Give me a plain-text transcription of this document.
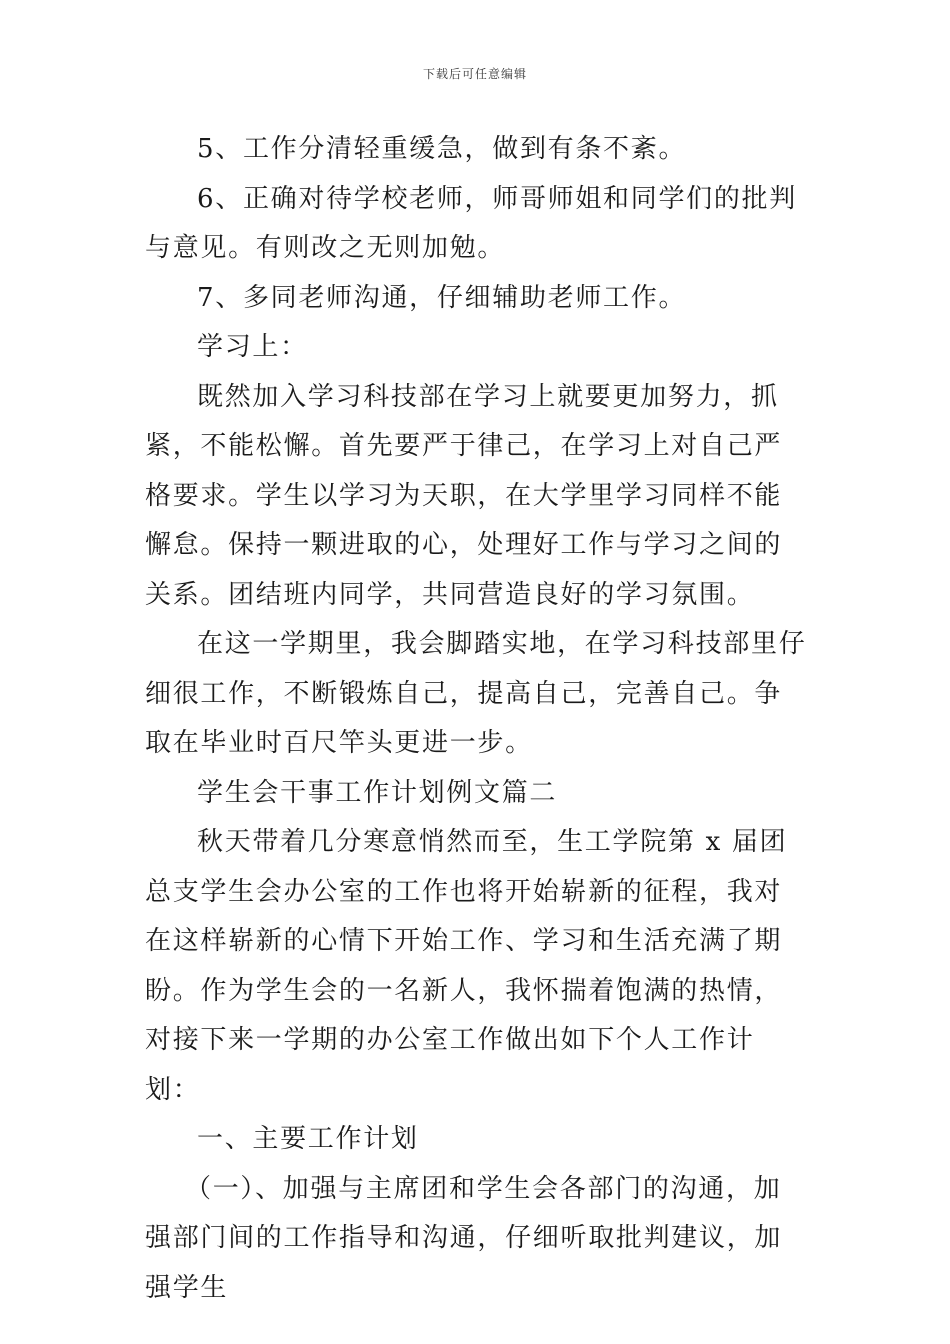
下载后可任意编辑

5、工作分清轻重缓急，做到有条不紊。

6、正确对待学校老师，师哥师姐和同学们的批判与意见。有则改之无则加勉。

7、多同老师沟通，仔细辅助老师工作。

学习上：

既然加入学习科技部在学习上就要更加努力，抓紧，不能松懈。首先要严于律己，在学习上对自己严格要求。学生以学习为天职，在大学里学习同样不能懈怠。保持一颗进取的心，处理好工作与学习之间的关系。团结班内同学，共同营造良好的学习氛围。

在这一学期里，我会脚踏实地，在学习科技部里仔细很工作，不断锻炼自己，提高自己，完善自己。争取在毕业时百尺竿头更进一步。

学生会干事工作计划例文篇二

秋天带着几分寒意悄然而至，生工学院第 x 届团总支学生会办公室的工作也将开始崭新的征程，我对在这样崭新的心情下开始工作、学习和生活充满了期盼。作为学生会的一名新人，我怀揣着饱满的热情，对接下来一学期的办公室工作做出如下个人工作计划：

一、主要工作计划

（一）、加强与主席团和学生会各部门的沟通，加强部门间的工作指导和沟通，仔细听取批判建议，加强学生
